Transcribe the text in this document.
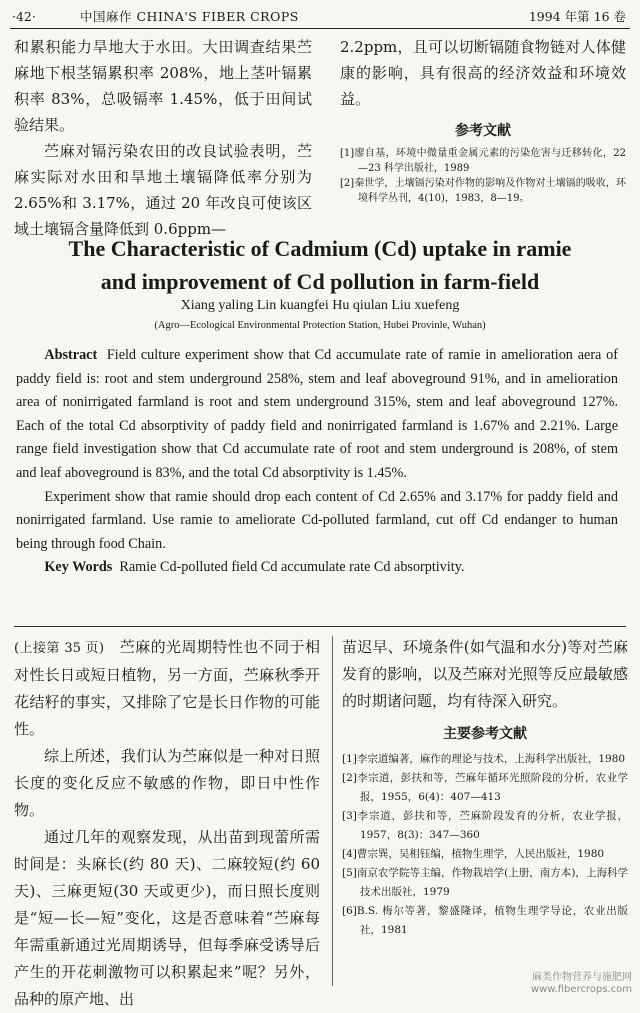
·42·	中国麻作 CHINA'S FIBER CROPS	1994 年第 16 卷

和累积能力旱地大于水田。大田调查结果苎麻地下根茎镉累积率 208%，地上茎叶镉累积率 83%，总吸镉率 1.45%，低于田间试验结果。

苎麻对镉污染农田的改良试验表明，苎麻实际对水田和旱地土壤镉降低率分别为 2.65%和 3.17%，通过 20 年改良可使该区域土壤镉含量降低到 0.6ppm—

2.2ppm，且可以切断镉随食物链对人体健康的影响，具有很高的经济效益和环境效益。

参考文献

[1]廖自基，环境中微量重金属元素的污染危害与迁移转化，22—23 科学出版社，1989

[2]秦世学，土壤镉污染对作物的影响及作物对土壤镉的吸收，环境科学丛刊，4(10)，1983，8—19。

The Characteristic of Cadmium (Cd) uptake in ramie
and improvement of Cd pollution in farm-field
Xiang yaling Lin kuangfei Hu qiulan Liu xuefeng
(Agro—Ecological Environmental Protection Station, Hubei Provinle, Wuhan)

Abstract Field culture experiment show that Cd accumulate rate of ramie in amelioration aera of paddy field is: root and stem underground 258%, stem and leaf aboveground 91%, and in amelioration area of nonirrigated farmland is root and stem underground 315%, stem and leaf aboveground 127%. Each of the total Cd absorptivity of paddy field and nonirrigated farmland is 1.67% and 2.21%. Large range field investigation show that Cd accumulate rate of root and stem underground is 208%, of stem and leaf aboveground is 83%, and the total Cd absorptivity is 1.45%.

Experiment show that ramie should drop each content of Cd 2.65% and 3.17% for paddy field and nonirrigated farmland. Use ramie to ameliorate Cd-polluted farmland, cut off Cd endanger to human being through food Chain.

Key Words Ramie Cd-polluted field Cd accumulate rate Cd absorptivity.

(上接第 35 页) 苎麻的光周期特性也不同于相对性长日或短日植物，另一方面，苎麻秋季开花结籽的事实，又排除了它是长日作物的可能性。

综上所述，我们认为苎麻似是一种对日照长度的变化反应不敏感的作物，即日中性作物。

通过几年的观察发现，从出苗到现蕾所需时间是：头麻长(约 80 天)、二麻较短(约 60 天)、三麻更短(30 天或更少)，而日照长度则是“短—长—短”变化，这是否意味着“苎麻每年需重新通过光周期诱导，但每季麻受诱导后产生的开花刺激物可以积累起来”呢？另外，品种的原产地、出

苗迟早、环境条件(如气温和水分)等对苎麻发育的影响，以及苎麻对光照等反应最敏感的时期诸问题，均有待深入研究。

主要参考文献

[1]李宗道编著，麻作的理论与技术，上海科学出版社，1980

[2]李宗道，彭扶和等，苎麻年循环光照阶段的分析，农业学报，1955，6(4)：407—413

[3]李宗道，彭扶和等，苎麻阶段发育的分析，农业学报，1957，8(3)：347—360

[4]曹宗巽，吴相钰编，植物生理学，人民出版社，1980

[5]南京农学院等主编，作物栽培学(上册，南方本)，上海科学技术出版社，1979

[6]B.S. 梅尔等著，黎盛隆译，植物生理学导论，农业出版社，1981

麻类作物营养与施肥网
www.fibercrops.com
